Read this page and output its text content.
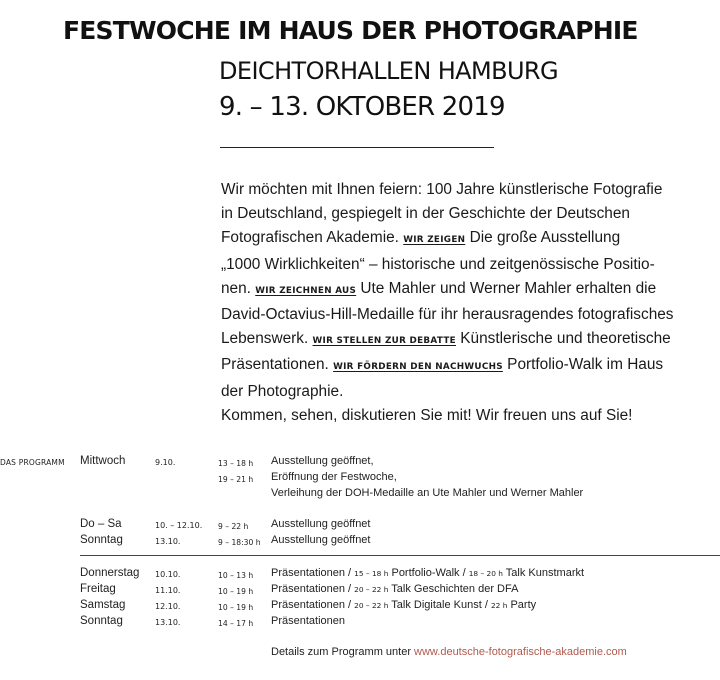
FESTWOCHE IM HAUS DER PHOTOGRAPHIE
DEICHTORHALLEN HAMBURG
9. – 13. OKTOBER 2019
Wir möchten mit Ihnen feiern: 100 Jahre künstlerische Fotografie
in Deutschland, gespiegelt in der Geschichte der Deutschen
Fotografischen Akademie. WIR ZEIGEN Die große Ausstellung
„1000 Wirklichkeiten“ – historische und zeitgenössische Positio-
nen. WIR ZEICHNEN AUS Ute Mahler und Werner Mahler erhalten die
David-Octavius-Hill-Medaille für ihr herausragendes fotografisches
Lebenswerk. WIR STELLEN ZUR DEBATTE Künstlerische und theoretische
Präsentationen. WIR FÖRDERN DEN NACHWUCHS Portfolio-Walk im Haus
der Photographie.
Kommen, sehen, diskutieren Sie mit! Wir freuen uns auf Sie!
DAS PROGRAMM Mittwoch	9.10.	13 – 18 h Ausstellung geöffnet,
19 – 21 h Eröffnung der Festwoche,
Verleihung der DOH-Medaille an Ute Mahler und Werner Mahler
Do – Sa	10. – 12.10. 9 – 22 h Ausstellung geöffnet
Sonntag	13.10.	9 – 18:30 h Ausstellung geöffnet
Donnerstag 10.10.	10 – 13 h Präsentationen / 15 – 18 h Portfolio-Walk / 18 – 20 h Talk Kunstmarkt
Freitag	11.10.	10 – 19 h Präsentationen / 20 – 22 h Talk Geschichten der DFA
Samstag	12.10.	10 – 19 h Präsentationen / 20 – 22 h Talk Digitale Kunst / 22 h Party
Sonntag	13.10.	14 – 17 h Präsentationen
Details zum Programm unter www.deutsche-fotografische-akademie.com
